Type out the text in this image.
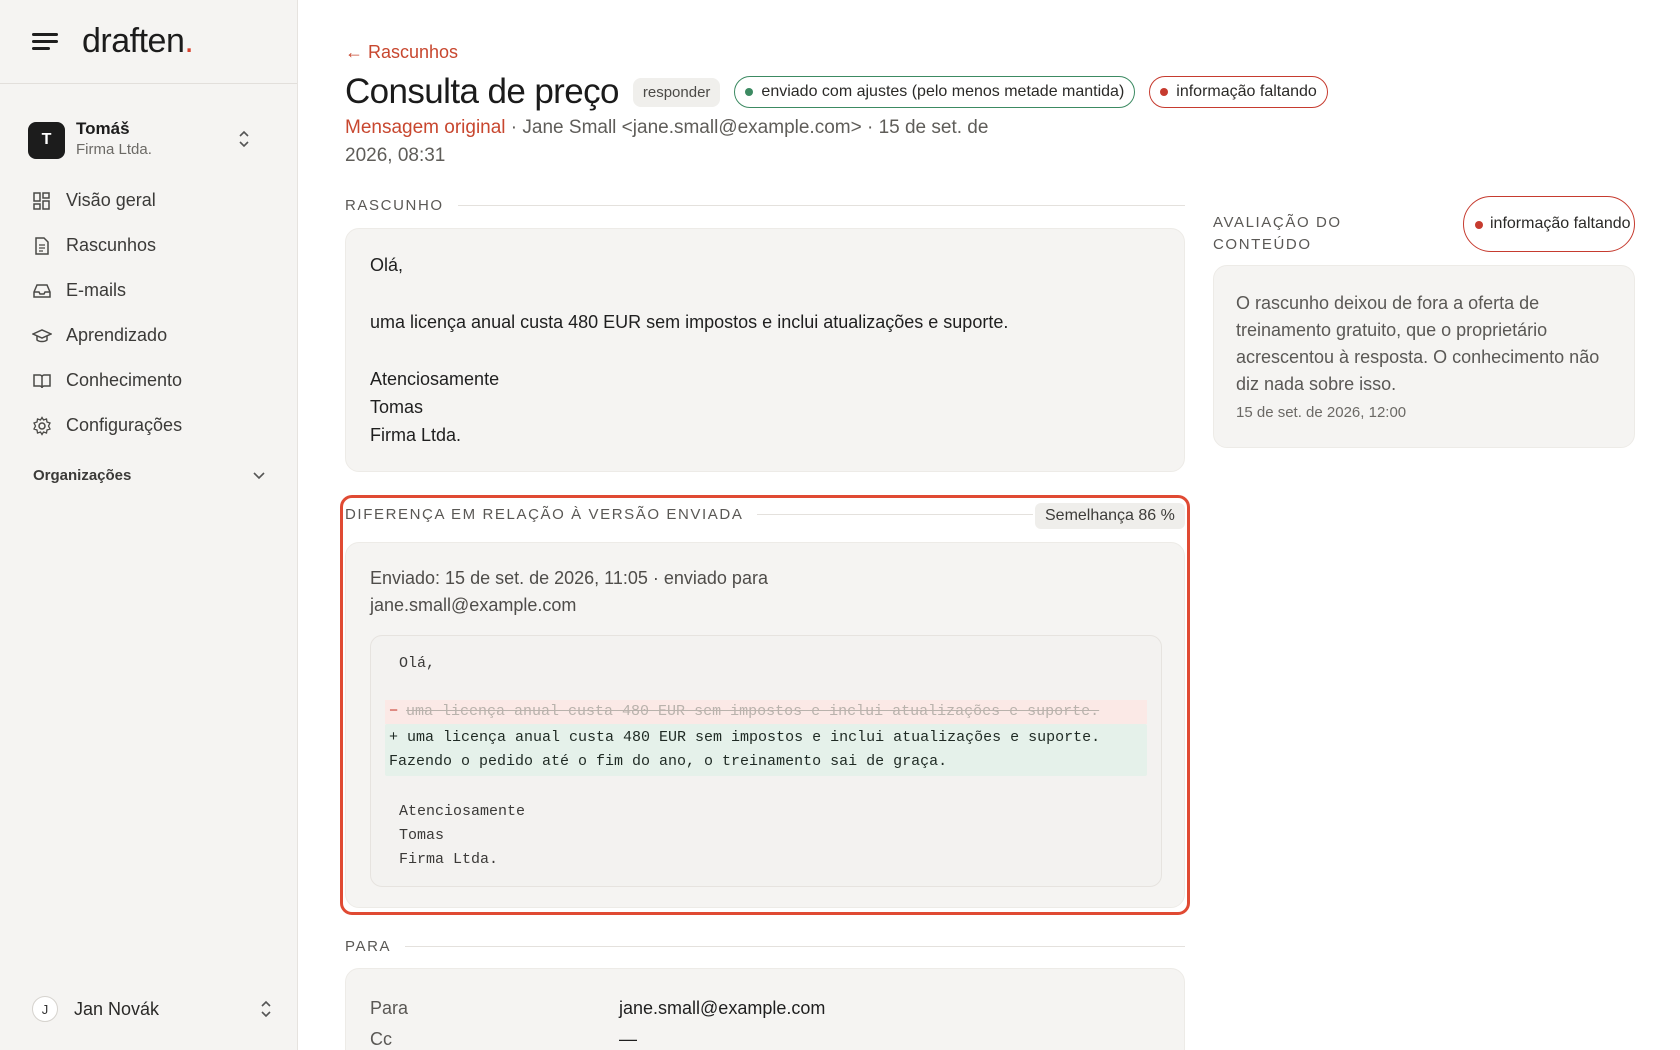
draften.
T
Tomáš
Firma Ltda.
Visão geral
Rascunhos
E-mails
Aprendizado
Conhecimento
Configurações
Organizações
J	Jan Novák
← Rascunhos
Consulta de preço	responder	enviado com ajustes (pelo menos metade mantida)	informação faltando
Mensagem original · Jane Small <jane.small@example.com> · 15 de set. de 2026, 08:31
RASCUNHO

Olá,

uma licença anual custa 480 EUR sem impostos e inclui atualizações e suporte.

Atenciosamente

Tomas

Firma Ltda.

DIFERENÇA EM RELAÇÃO À VERSÃO ENVIADA	Semelhança 86 %
Enviado: 15 de set. de 2026, 11:05 · enviado para jane.small@example.com
Olá,
− uma licença anual custa 480 EUR sem impostos e inclui atualizações e suporte.
+ uma licença anual custa 480 EUR sem impostos e inclui atualizações e suporte.
Fazendo o pedido até o fim do ano, o treinamento sai de graça.
Atenciosamente
Tomas
Firma Ltda.
PARA
Para	jane.small@example.com
Cc	—
AVALIAÇÃO DO CONTEÚDO
informação faltando
O rascunho deixou de fora a oferta de treinamento gratuito, que o proprietário acrescentou à resposta. O conhecimento não diz nada sobre isso.
15 de set. de 2026, 12:00
